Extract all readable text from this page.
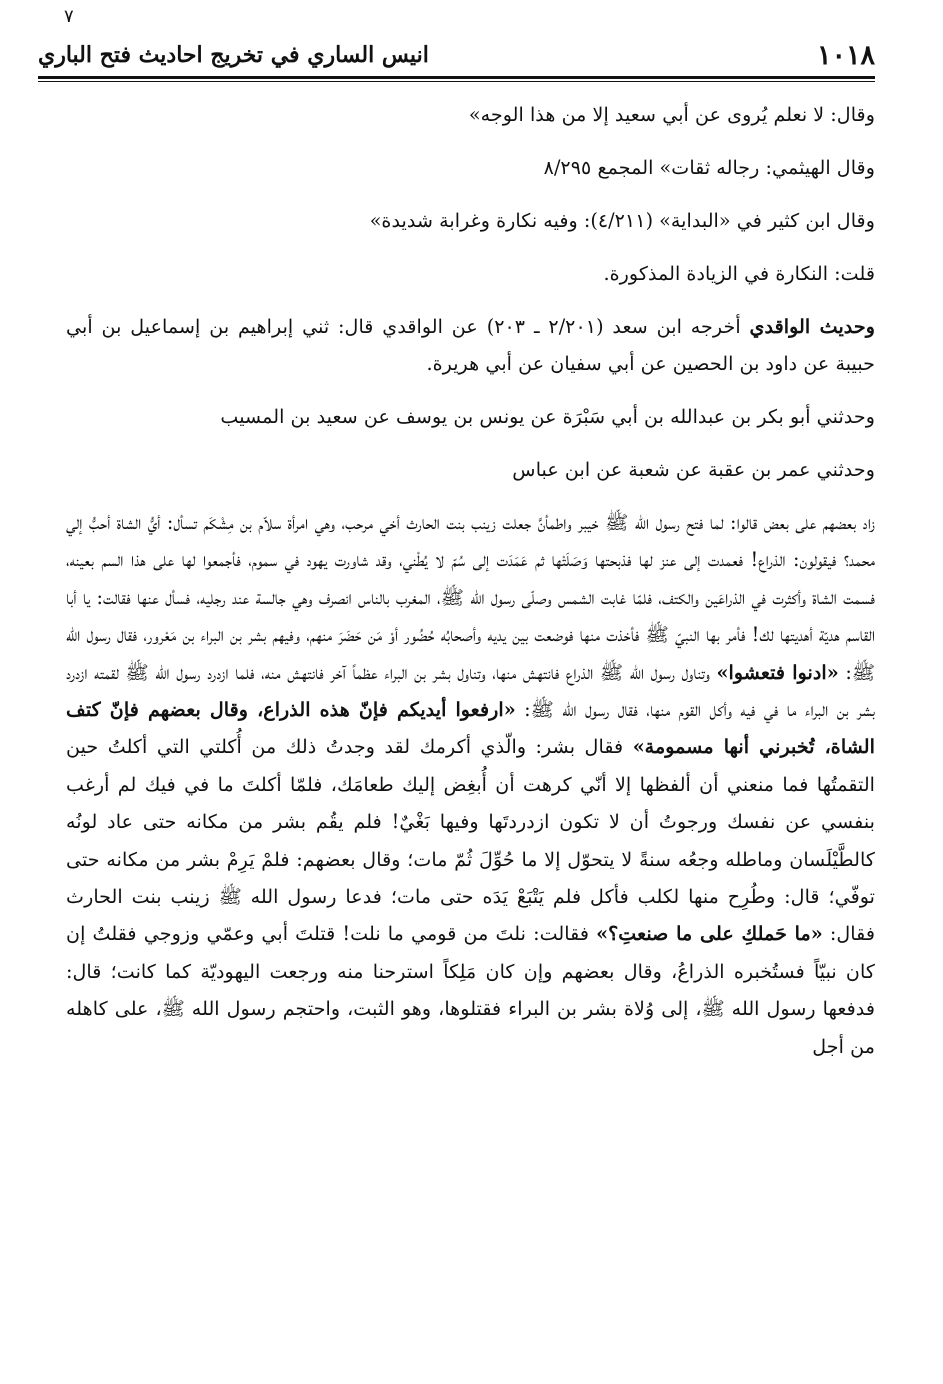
٧
١٠١٨
انيس الساري في تخريج احاديث فتح الباري

وقال: لا نعلم يُروى عن أبي سعيد إلا من هذا الوجه»

وقال الهيثمي: رجاله ثقات» المجمع ٨/٢٩٥

وقال ابن كثير في «البداية» (٤/٢١١): وفيه نكارة وغرابة شديدة»

قلت: النكارة في الزيادة المذكورة.

وحديث الواقدي أخرجه ابن سعد (٢/٢٠١ ـ ٢٠٣) عن الواقدي قال: ثني إبراهيم بن إسماعيل بن أبي حبيبة عن داود بن الحصين عن أبي سفيان عن أبي هريرة.

وحدثني أبو بكر بن عبدالله بن أبي سَبْرَة عن يونس بن يوسف عن سعيد بن المسيب

وحدثني عمر بن عقبة عن شعبة عن ابن عباس

زاد بعضهم على بعض قالوا: لما فتح رسول الله ﷺ خيبر واطمأنَّ جعلت زينب بنت الحارث أخي مرحب، وهي امرأة سلاّم بن مِشْكَم تسأل: أيُّ الشاة أحبُّ إلي محمد؟ فيقولون: الذراع! فعمدت إلى عنز لها فذبحتها وَصَلَتْها ثم عَمَدَت إلى سُمّ لا يُطْني، وقد شاورت يهود في سموم، فأجمعوا لها على هذا السم بعينه، فسمت الشاة وأكثرت في الذراعَين والكتف، فلمّا غابت الشمس وصلّى رسول الله ﷺ، المغرب بالناس انصرف وهي جالسة عند رجليه، فسأل عنها فقالت: يا أبا القاسم هديّة أهديتها لك! فأمر بها النبيّ ﷺ فأخذت منها فوضعت بين يديه وأصحابُه حُضُور أوْ مَن حَضَرَ منهم، وفيهم بشر بن البراء بن مَعْرور، فقال رسول الله ﷺ: «ادنوا فتعشوا» وتناول رسول الله ﷺ الذراع فانتهش منها، وتناول بشر بن البراء عظماً آخر فانتهش منه، فلما ازدرد رسول الله ﷺ لقمته ازدرد بشر بن البراء ما في فيه وأكل القوم منها، فقال رسول الله ﷺ: «ارفعوا أيديكم فإنّ هذه الذراع، وقال بعضهم فإنّ كتف الشاة، تُخبرني أنها مسمومة» فقال بشر: والّذي أكرمك لقد وجدتُ ذلك من أُكلتي التي أكلتُ حين التقمتُها فما منعني أن ألفظها إلا أنّي كرهت أن أُبغِض إليك طعامَك، فلمّا أكلتَ ما في فيك لم أرغب بنفسي عن نفسك ورجوتُ أن لا تكون ازدردتَها وفيها بَغْيٌ! فلم يقُم بشر من مكانه حتى عاد لونُه كالطَّيْلَسان وماطله وجعُه سنةً لا يتحوّل إلا ما حُوِّلَ ثُمّ مات؛ وقال بعضهم: فلمْ يَرِمْ بشر من مكانه حتى توفّي؛ قال: وطُرِح منها لكلب فأكل فلم يَتْبَعْ يَدَه حتى مات؛ فدعا رسول الله ﷺ زينب بنت الحارث فقال: «ما حَملكِ على ما صنعتِ؟» فقالت: نلتَ من قومي ما نلت! قتلتَ أبي وعمّي وزوجي فقلتُ إن كان نبيّاً فستُخبره الذراعُ، وقال بعضهم وإن كان مَلِكاً استرحنا منه ورجعت اليهوديّة كما كانت؛ قال: فدفعها رسول الله ﷺ، إلى وُلاة بشر بن البراء فقتلوها، وهو الثبت، واحتجم رسول الله ﷺ، على كاهله من أجل
